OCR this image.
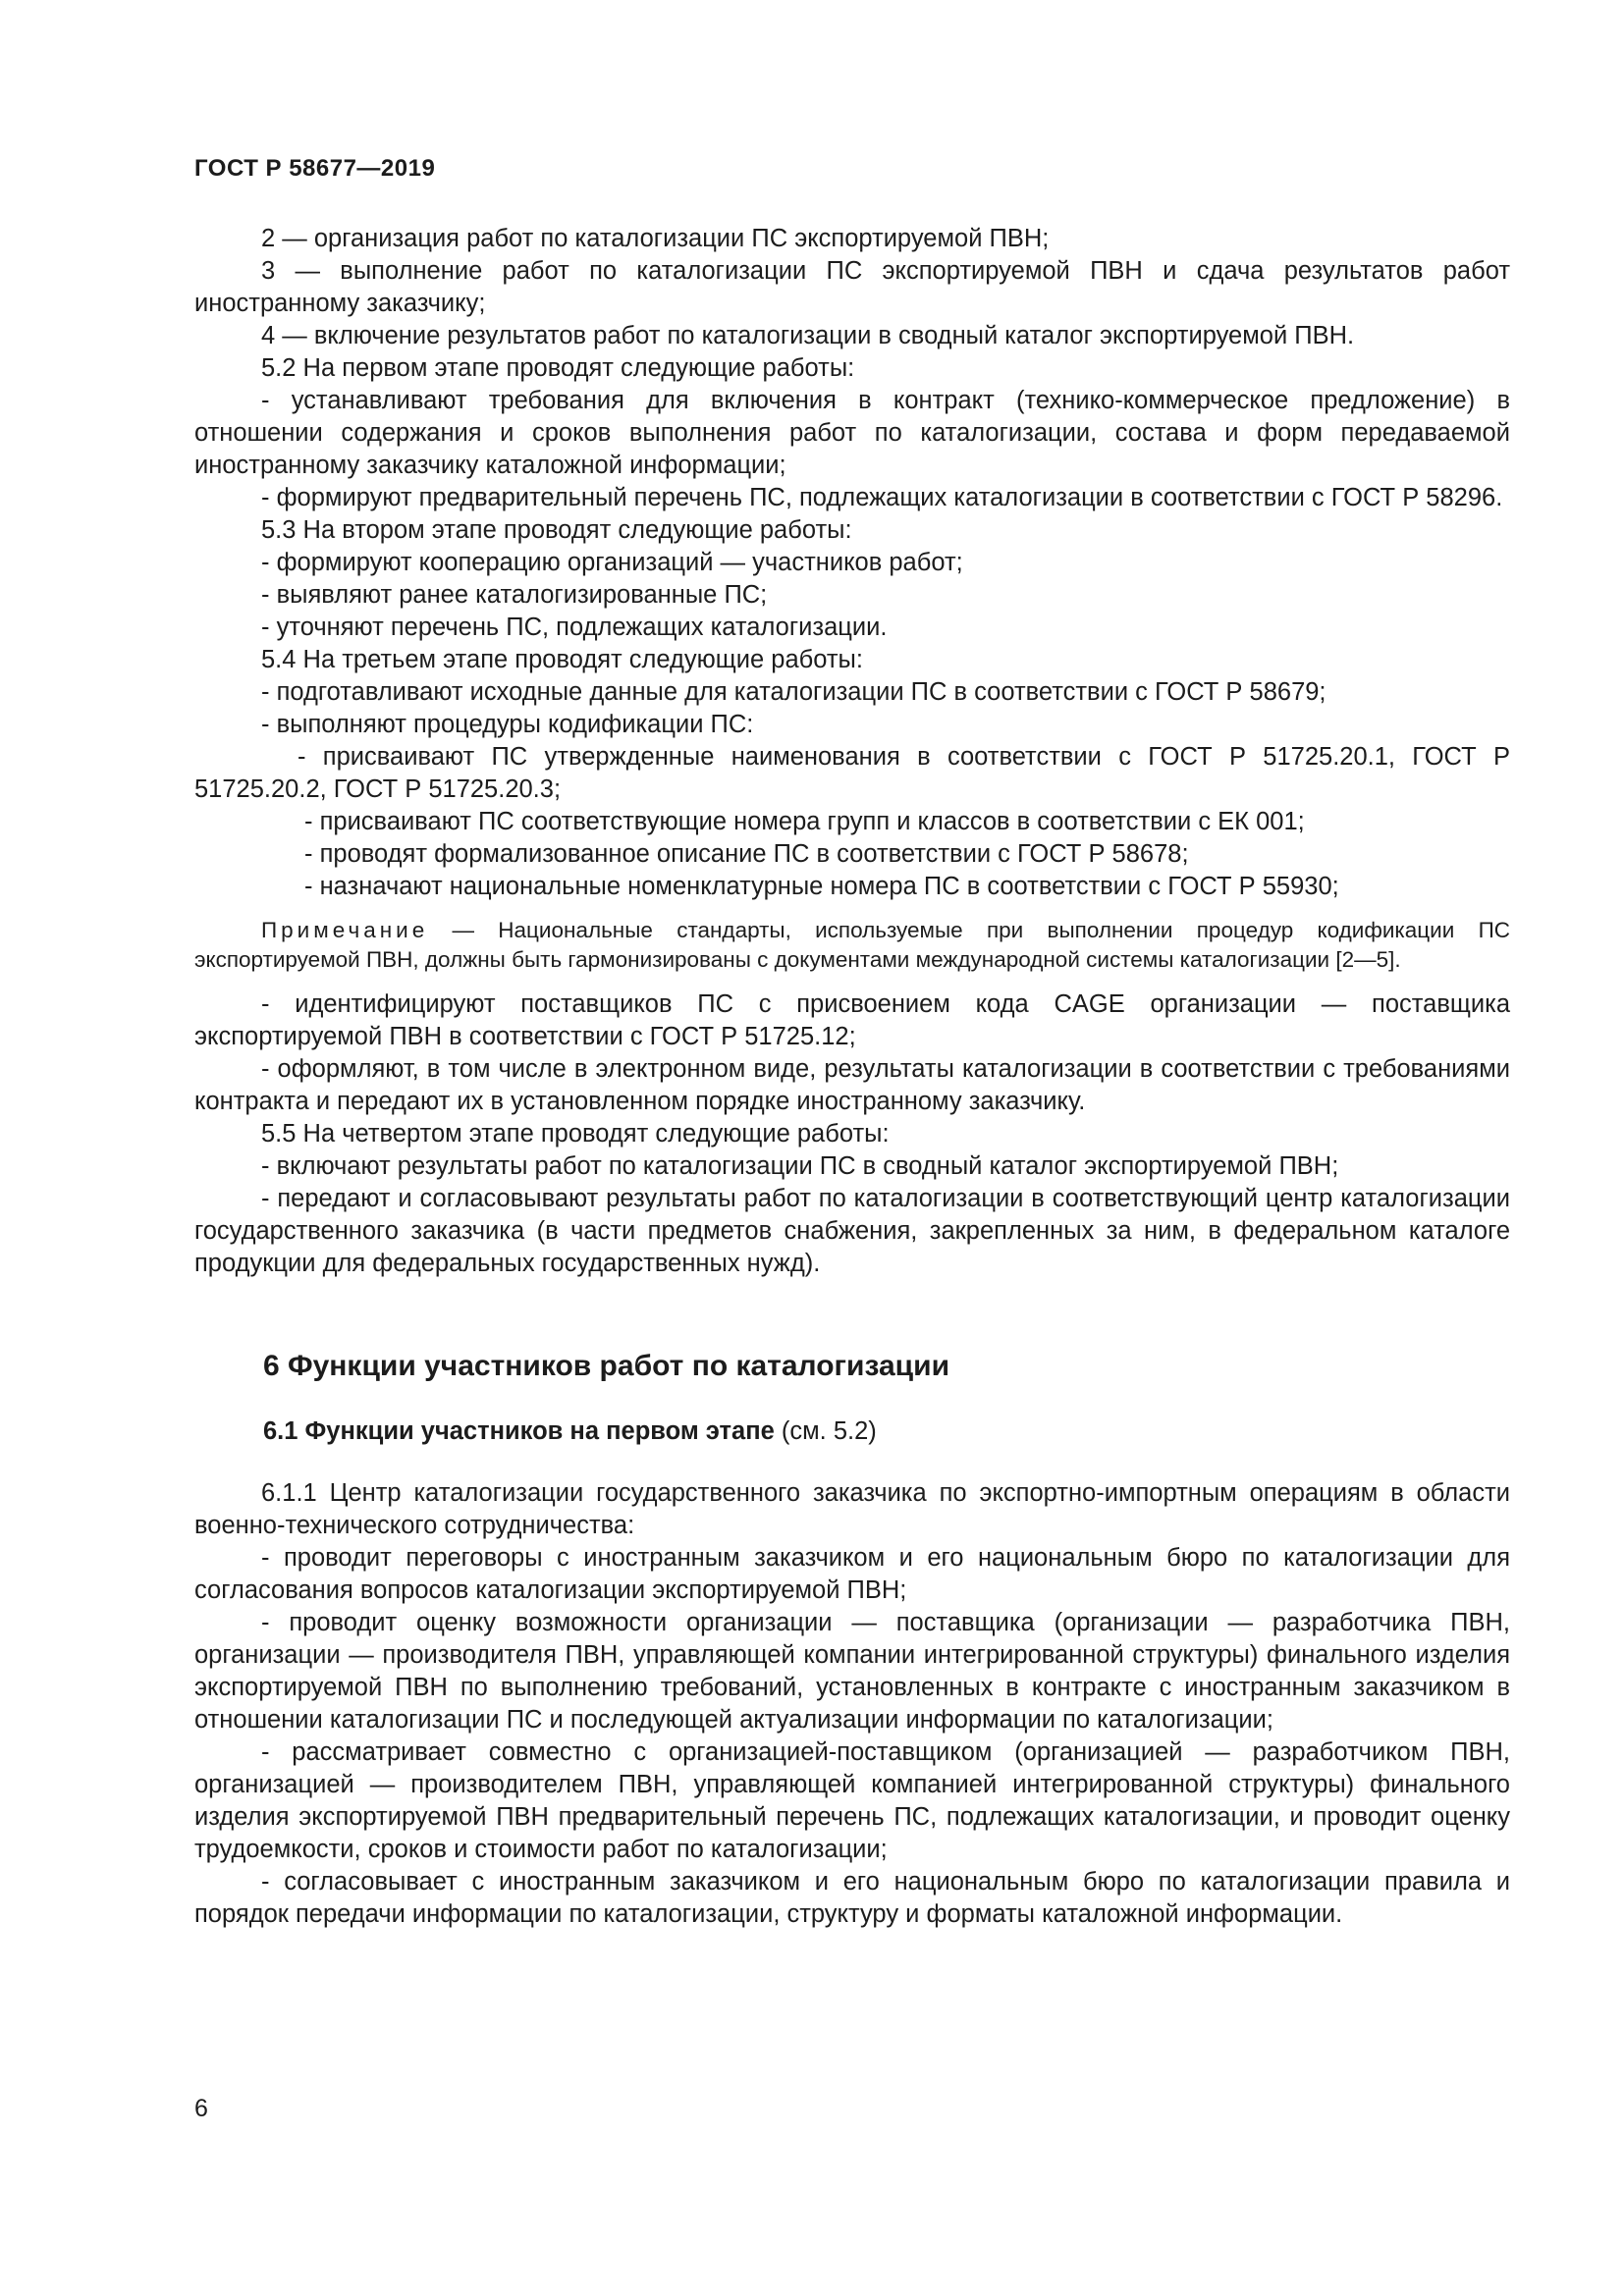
ГОСТ Р 58677—2019

2 — организация работ по каталогизации ПС экспортируемой ПВН;

3 — выполнение работ по каталогизации ПС экспортируемой ПВН и сдача результатов работ иностранному заказчику;

4 — включение результатов работ по каталогизации в сводный каталог экспортируемой ПВН.

5.2 На первом этапе проводят следующие работы:

- устанавливают требования для включения в контракт (технико-коммерческое предложение) в отношении содержания и сроков выполнения работ по каталогизации, состава и форм передаваемой иностранному заказчику каталожной информации;

- формируют предварительный перечень ПС, подлежащих каталогизации в соответствии с ГОСТ Р 58296.

5.3 На втором этапе проводят следующие работы:

- формируют кооперацию организаций — участников работ;

- выявляют ранее каталогизированные ПС;

- уточняют перечень ПС, подлежащих каталогизации.

5.4 На третьем этапе проводят следующие работы:

- подготавливают исходные данные для каталогизации ПС в соответствии с ГОСТ Р 58679;

- выполняют процедуры кодификации ПС:

- присваивают ПС утвержденные наименования в соответствии с ГОСТ Р 51725.20.1, ГОСТ Р 51725.20.2, ГОСТ Р 51725.20.3;

- присваивают ПС соответствующие номера групп и классов в соответствии с ЕК 001;

- проводят формализованное описание ПС в соответствии с ГОСТ Р 58678;

- назначают национальные номенклатурные номера ПС в соответствии с ГОСТ Р 55930;

Примечание — Национальные стандарты, используемые при выполнении процедур кодификации ПС экспортируемой ПВН, должны быть гармонизированы с документами международной системы каталогизации [2—5].

- идентифицируют поставщиков ПС с присвоением кода CAGE организации — поставщика экспортируемой ПВН в соответствии с ГОСТ Р 51725.12;

- оформляют, в том числе в электронном виде, результаты каталогизации в соответствии с требованиями контракта и передают их в установленном порядке иностранному заказчику.

5.5 На четвертом этапе проводят следующие работы:

- включают результаты работ по каталогизации ПС в сводный каталог экспортируемой ПВН;

- передают и согласовывают результаты работ по каталогизации в соответствующий центр каталогизации государственного заказчика (в части предметов снабжения, закрепленных за ним, в федеральном каталоге продукции для федеральных государственных нужд).

6 Функции участников работ по каталогизации
6.1 Функции участников на первом этапе (см. 5.2)

6.1.1 Центр каталогизации государственного заказчика по экспортно-импортным операциям в области военно-технического сотрудничества:

- проводит переговоры с иностранным заказчиком и его национальным бюро по каталогизации для согласования вопросов каталогизации экспортируемой ПВН;

- проводит оценку возможности организации — поставщика (организации — разработчика ПВН, организации — производителя ПВН, управляющей компании интегрированной структуры) финального изделия экспортируемой ПВН по выполнению требований, установленных в контракте с иностранным заказчиком в отношении каталогизации ПС и последующей актуализации информации по каталогизации;

- рассматривает совместно с организацией-поставщиком (организацией — разработчиком ПВН, организацией — производителем ПВН, управляющей компанией интегрированной структуры) финального изделия экспортируемой ПВН предварительный перечень ПС, подлежащих каталогизации, и проводит оценку трудоемкости, сроков и стоимости работ по каталогизации;

- согласовывает с иностранным заказчиком и его национальным бюро по каталогизации правила и порядок передачи информации по каталогизации, структуру и форматы каталожной информации.

6
